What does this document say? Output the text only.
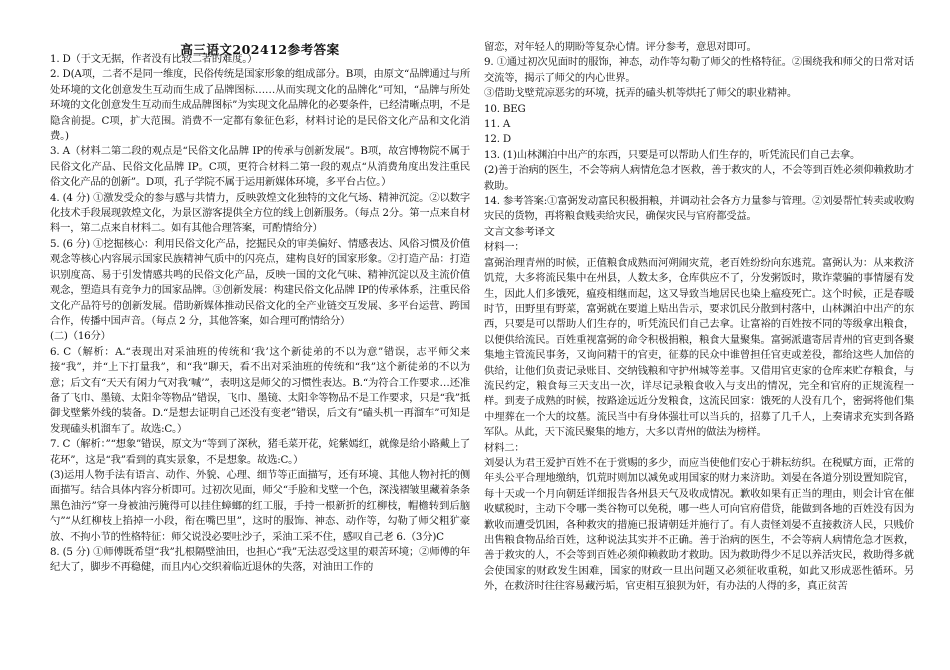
高三语文202412参考答案

1. D（于文无据，作者没有比较二者的难度。）

2. D(A项，二者不是同一维度，民俗传统是国家形象的组成部分。B项，由原文“品牌通过与所处环境的文化创意发生互动而生成了品牌图标……从而实现文化的品牌化”可知，“品牌与所处环境的文化创意发生互动而生成品牌图标”为实现文化品牌化的必要条件，已经清晰点明，不是隐含前提。C项，扩大范围。消费不一定都有象征色彩，材料讨论的是民俗文化产品和文化消费。)

3. A（材料二第二段的观点是“民俗文化品牌 IP的传承与创新发展”。B项，故宫博物院不属于民俗文化产品、民俗文化品牌 IP。C项，更符合材料二第一段的观点“从消费角度出发注重民俗文化产品的创新”。D项，孔子学院不属于运用新媒体环境，多平台占位。）

4. (4 分) ①激发受众的参与感与共情力，反映敦煌文化独特的文化气场、精神沉淀。②以数字化技术手段展现敦煌文化，为景区游客提供全方位的线上创新服务。（每点 2分。第一点来自材料一，第二点来自材料二。如有其他合理答案，可酌情给分）

5. (6 分) ①挖掘核心：利用民俗文化产品，挖掘民众的审美偏好、情感表达、风俗习惯及价值观念等核心内容展示国家民族精神气质中的闪亮点，建构良好的国家形象。②打造产品：打造识别度高、易于引发情感共鸣的民俗文化产品，反映一国的文化气味、精神沉淀以及主流价值观念，塑造具有竞争力的国家品牌。③创新发展：构建民俗文化品牌 IP的传承体系，注重民俗文化产品符号的创新发展。借助新媒体推动民俗文化的全产业链交互发展、多平台运营、跨国合作，传播中国声音。（每点 2 分，其他答案，如合理可酌情给分）

(二)（16分）

6. C（解析：A.“表现出对采油班的传统和‘我’这个新徒弟的不以为意”错误，志平师父来接“我”，并“上下打量我”，和“我”聊天，看不出对采油班的传统和“我”这个新徒弟的不以为意；后文有“天天有闲力气对我‘喊’”，表明这是师父的习惯性表达。B.“为符合工作要求…还准备了飞巾、墨镜、太阳伞等物品”错误，飞巾、墨镜、太阳伞等物品不是工作要求，只是“我”抵御戈壁紫外线的装备。D.“是想去证明自己还没有变老”错误，后文有“磕头机一再溜车”可知是发现磕头机溜车了。故选:C。）

7. C（解析：”“想象”错误，原文为“等到了深秋，猪毛菜开花，姹紫嫣红，就像是给小路戴上了花环”，这是“我”看到的真实景象，不是想象。故选:C。）

(3)运用人物手法有语言、动作、外貌、心理、细节等正面描写，还有环境、其他人物衬托的侧面描写。结合具体内容分析即可。过初次见面，师父“手脸和戈壁一个色，深浅褶皱里藏着条条黑色油污”穿一身被油污腌得可以挂住蟑螂的红工服，手持一根新折的红柳枝，帽檐转到后脑勺”“从红柳枝上掐掉一小段，衔在嘴巴里”，这时的服饰、神态、动作等，勾勒了师父粗犷豪放、不拘小节的性格特征：师父说没必要吐沙子，采油工采不住，感叹自己老 6.（3分)C

8. (5 分) ①师傅既希望“我”扎根隔壁油田，也担心“我”无法忍受这里的艰苦环境；②师傅的年纪大了，脚步不再稳健，而且内心交织着临近退休的失落，对油田工作的

留恋，对年轻人的期盼等复杂心情。评分参考，意思对即可。

9. ①通过初次见面时的服饰，神态，动作等勾勒了师父的性格特征。②围绕我和师父的日常对话交流等，揭示了师父的内心世界。

③借助戈壁荒凉恶劣的环境，抚弄的磕头机等烘托了师父的职业精神。

10. BEG

11. A

12. D

13. (1)山林渊泊中出产的东西，只要是可以帮助人们生存的，听凭流民们自己去拿。

(2)善于治病的医生，不会等病人病情危急才医救，善于救灾的人，不会等到百姓必须仰赖救助才救助。

14. 参考答案:①富弼发动富民积极捐粮，并调动社会各方力量参与管理。②刘晏帮忙转卖或收购灾民的货物，再将粮食贱卖给灾民，确保灾民与官府都受益。

文言文参考译文

材料一：

富弼治理青州的时候，正值粮食成熟而河朔闹灾荒，老百姓纷纷向东逃荒。富弼认为：从来救济饥荒，大多将流民集中在州县，人数太多，仓库供应不了，分发粥饭时，欺诈蒙骗的事情屡有发生，因此人们多饿死，瘟疫相继而起，这又导致当地居民也染上瘟疫死亡。这个时候，正是春暖时节，田野里有野菜，富弼就在要道上贴出告示，要求饥民分散到村落中，山林渊泊中出产的东西，只要是可以帮助人们生存的，听凭流民们自己去拿。让富裕的百姓按不同的等级拿出粮食，以便供给流民。百姓重视富弼的命令积极捐粮，粮食大量聚集。富弼派遣寄居青州的官吏到各聚集地主管流民事务，又询问精干的官吏，征募的民众中谁曾担任官吏或差役，都给这些人加倍的供给，让他们负责记录账目、交纳钱粮和守护州城等差事。又借用官吏家的仓库来贮存粮食，与流民约定，粮食每三天支出一次，详尽记录粮食收入与支出的情况，完全和官府的正规流程一样。到麦子成熟的时候，按路途远近分发粮食，这流民回家：饿死的人没有几个，密弼将他们集中埋葬在一个大的坟墓。流民当中有身体强壮可以当兵的，招募了几千人，上奏请求充实到各路军队。从此，天下流民聚集的地方，大多以青州的做法为榜样。

材料二：

刘晏认为君王爱护百姓不在于赏赐的多少，而应当使他们安心于耕耘纺织。在税赋方面，正常的年头公平合理地缴纳，饥荒时则加以减免或用国家的财力来济助。刘晏在各道分别设置知院官，每十天或一个月向朝廷详细报告各州县天气及收成情况。歉收如果有正当的理由，则会计官在催收赋税时，主动下令哪一类谷物可以免税，哪一些人可向官府借贷，能做到各地的百姓没有因为歉收而遭受饥困，各种救灾的措施已报请朝廷并施行了。有人责怪刘晏不直接救济人民，只贱价出售粮食物品给百姓，这种说法其实并不正确。善于治病的医生，不会等病人病情危急才医救，善于救灾的人，不会等到百姓必须仰赖救助才救助。因为救助得少不足以养活灾民，救助得多就会使国家的财政发生困难，国家的财政一旦出问题又必须征收重税，如此又形成恶性循环。另外，在救济时往往容易藏污垢，官吏相互狼狈为奸，有办法的人得的多，真正贫苦
